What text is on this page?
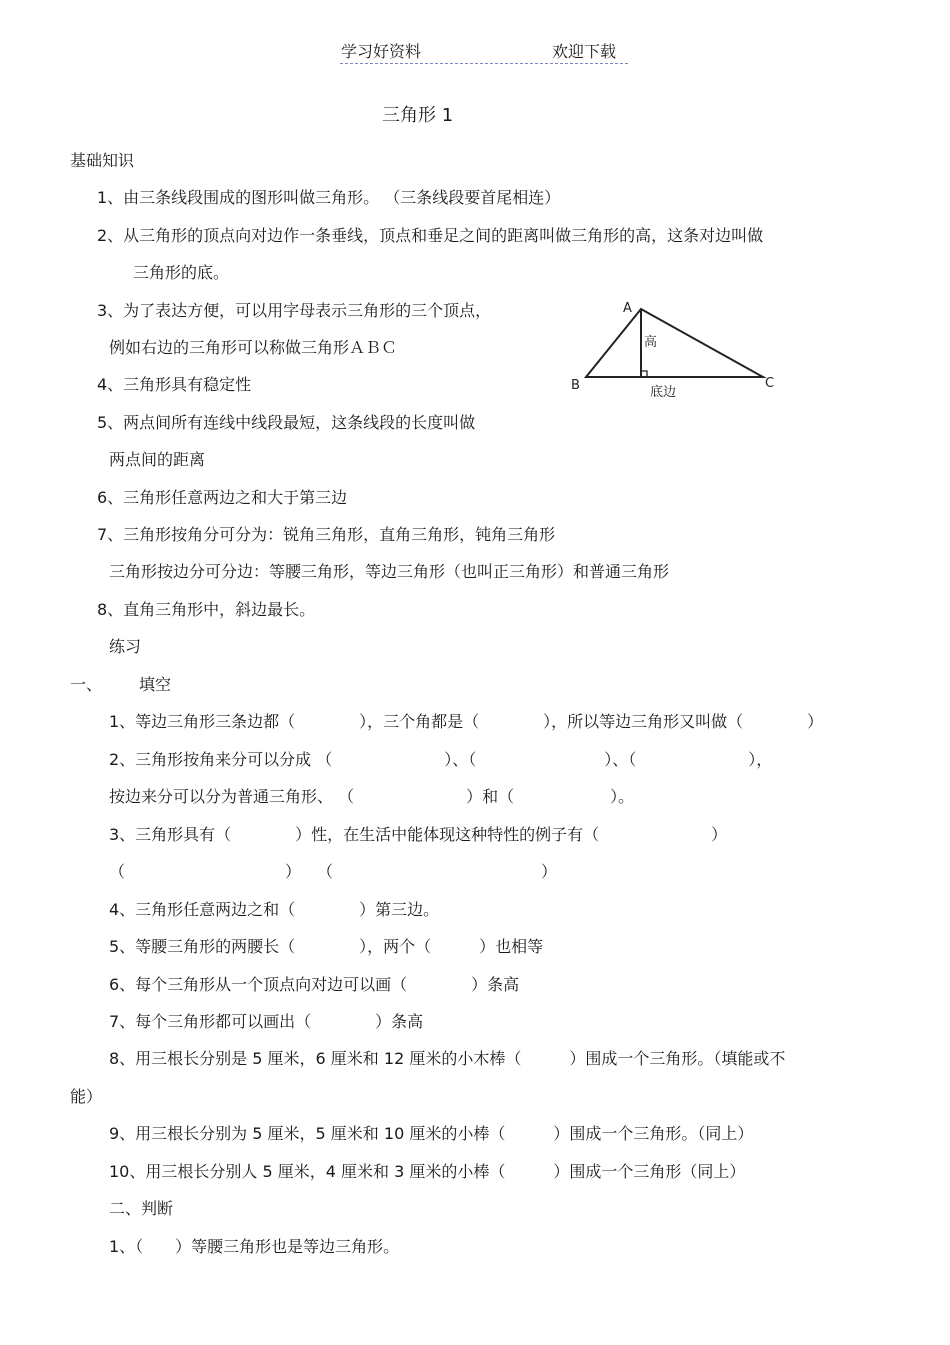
学习好资料	欢迎下载
三角形 1
基础知识
1、由三条线段围成的图形叫做三角形。 （三条线段要首尾相连）
2、从三角形的顶点向对边作一条垂线，顶点和垂足之间的距离叫做三角形的高，这条对边叫做
三角形的底。
3、为了表达方便，可以用字母表示三角形的三个顶点，
例如右边的三角形可以称做三角形ＡＢＣ
4、三角形具有稳定性
5、两点间所有连线中线段最短，这条线段的长度叫做
两点间的距离
6、三角形任意两边之和大于第三边
7、三角形按角分可分为：锐角三角形，直角三角形，钝角三角形
三角形按边分可分边：等腰三角形，等边三角形（也叫正三角形）和普通三角形
8、直角三角形中，斜边最长。
练习
A
B	C
高
底边
一、 填空
1、等边三角形三条边都（　　　　），三个角都是（　　　　），所以等边三角形又叫做（　　　　）
2、三角形按角来分可以分成 （　　　　　　　）、（　　　　　　　　）、（　　　　　　　），
按边来分可以分为普通三角形、 （　　　　　　　）和（　　　　　　）。
3、三角形具有（　　　　）性，在生活中能体现这种特性的例子有（　　　　　　　）
（　　　　　　　　　　）　　（　　　　　　　　　　　　　）
4、三角形任意两边之和（　　　　）第三边。
5、等腰三角形的两腰长（　　　　），两个（　　　）也相等
6、每个三角形从一个顶点向对边可以画（　　　　）条高
7、每个三角形都可以画出（　　　　）条高
8、用三根长分别是 5 厘米，6 厘米和 12 厘米的小木棒（　　　）围成一个三角形。（填能或不
能）
9、用三根长分别为 5 厘米，5 厘米和 10 厘米的小棒（　　　）围成一个三角形。（同上）
10、用三根长分别人 5 厘米，4 厘米和 3 厘米的小棒（　　　）围成一个三角形（同上）
二、判断
1、（　　）等腰三角形也是等边三角形。
